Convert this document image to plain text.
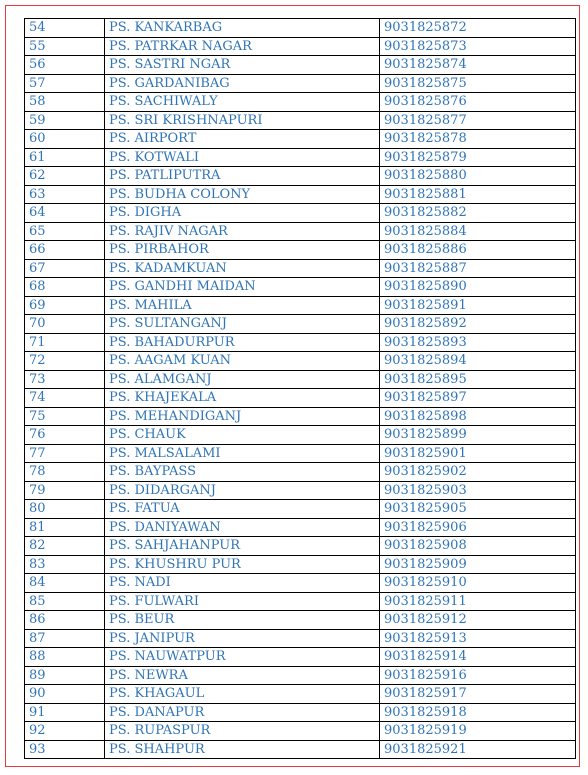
54	PS. KANKARBAG	9031825872
55	PS. PATRKAR NAGAR	9031825873
56	PS. SASTRI NGAR	9031825874
57	PS. GARDANIBAG	9031825875
58	PS. SACHIWALY	9031825876
59	PS. SRI KRISHNAPURI	9031825877
60	PS. AIRPORT	9031825878
61	PS. KOTWALI	9031825879
62	PS. PATLIPUTRA	9031825880
63	PS. BUDHA COLONY	9031825881
64	PS. DIGHA	9031825882
65	PS. RAJIV NAGAR	9031825884
66	PS. PIRBAHOR	9031825886
67	PS. KADAMKUAN	9031825887
68	PS. GANDHI MAIDAN	9031825890
69	PS. MAHILA	9031825891
70	PS. SULTANGANJ	9031825892
71	PS. BAHADURPUR	9031825893
72	PS. AAGAM KUAN	9031825894
73	PS. ALAMGANJ	9031825895
74	PS. KHAJEKALA	9031825897
75	PS. MEHANDIGANJ	9031825898
76	PS. CHAUK	9031825899
77	PS. MALSALAMI	9031825901
78	PS. BAYPASS	9031825902
79	PS. DIDARGANJ	9031825903
80	PS. FATUA	9031825905
81	PS. DANIYAWAN	9031825906
82	PS. SAHJAHANPUR	9031825908
83	PS. KHUSHRU PUR	9031825909
84	PS. NADI	9031825910
85	PS. FULWARI	9031825911
86	PS. BEUR	9031825912
87	PS. JANIPUR	9031825913
88	PS. NAUWATPUR	9031825914
89	PS. NEWRA	9031825916
90	PS. KHAGAUL	9031825917
91	PS. DANAPUR	9031825918
92	PS. RUPASPUR	9031825919
93	PS. SHAHPUR	9031825921
